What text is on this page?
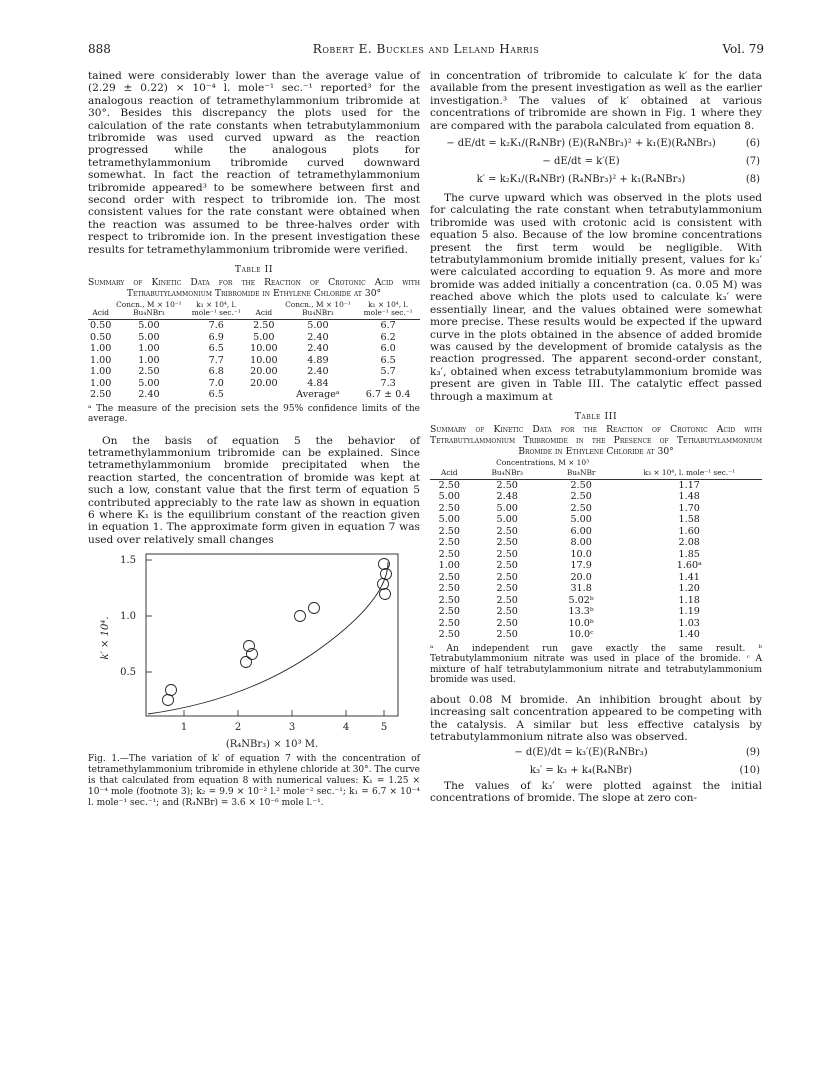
888	Robert E. Buckles and Leland Harris	Vol. 79

tained were considerably lower than the average value of (2.29 ± 0.22) × 10⁻⁴ l. mole⁻¹ sec.⁻¹ reported³ for the analogous reaction of tetramethylammonium tribromide at 30°. Besides this discrepancy the plots used for the calculation of the rate constants when tetrabutylammonium tribromide was used curved upward as the reaction progressed while the analogous plots for tetramethylammonium tribromide curved downward somewhat. In fact the reaction of tetramethylammonium tribromide appeared³ to be somewhere between first and second order with respect to tribromide ion. The most consistent values for the rate constant were obtained when the reaction was assumed to be three-halves order with respect to tribromide ion. In the present investigation these results for tetramethylammonium tribromide were verified.

Table II
Summary of Kinetic Data for the Reaction of Crotonic Acid with Tetrabutylammonium Tribromide in Ethylene Chloride at 30°
Acid	Concn., M × 10⁻¹ Bu₄NBr₃	k₁ × 10⁴, l. mole⁻¹ sec.⁻¹	Acid	Concn., M × 10⁻¹ Bu₄NBr₃	k₁ × 10⁴, l. mole⁻¹ sec.⁻¹
0.50	5.00	7.6	2.50	5.00	6.7
0.50	5.00	6.9	5.00	2.40	6.2
1.00	1.00	6.5	10.00	2.40	6.0
1.00	1.00	7.7	10.00	4.89	6.5
1.00	2.50	6.8	20.00	2.40	5.7
1.00	5.00	7.0	20.00	4.84	7.3
2.50	2.40	6.5		Averageᵃ	6.7 ± 0.4
ᵃ The measure of the precision sets the 95% confidence limits of the average.

On the basis of equation 5 the behavior of tetramethylammonium tribromide can be explained. Since tetramethylammonium bromide precipitated when the reaction started, the concentration of bromide was kept at such a low, constant value that the first term of equation 5 contributed appreciably to the rate law as shown in equation 6 where K₁ is the equilibrium constant of the reaction given in equation 1. The approximate form given in equation 7 was used over relatively small changes

1.5
1.0
0.5
1	2	3	4	5
(R₄NBr₃) × 10³ M.
k′ × 10⁴.
Fig. 1.—The variation of k′ of equation 7 with the concentration of tetramethylammonium tribromide in ethylene chloride at 30°. The curve is that calculated from equation 8 with numerical values: K₁ = 1.25 × 10⁻⁴ mole (footnote 3); k₂ = 9.9 × 10⁻² l.² mole⁻² sec.⁻¹; k₁ = 6.7 × 10⁻⁴ l. mole⁻¹ sec.⁻¹; and (R₄NBr) = 3.6 × 10⁻⁶ mole l.⁻¹.

in concentration of tribromide to calculate k′ for the data available from the present investigation as well as the earlier investigation.³ The values of k′ obtained at various concentrations of tribromide are shown in Fig. 1 where they are compared with the parabola calculated from equation 8.

− dE/dt = k₂K₁/(R₄NBr) (E)(R₄NBr₃)² + k₁(E)(R₄NBr₃)	(6)
− dE/dt = k′(E)	(7)
k′ = k₂K₁/(R₄NBr) (R₄NBr₃)² + k₁(R₄NBr₃)	(8)

The curve upward which was observed in the plots used for calculating the rate constant when tetrabutylammonium tribromide was used with crotonic acid is consistent with equation 5 also. Because of the low bromine concentrations present the first term would be negligible. With tetrabutylammonium bromide initially present, values for k₃′ were calculated according to equation 9. As more and more bromide was added initially a concentration (ca. 0.05 M) was reached above which the plots used to calculate k₃′ were essentially linear, and the values obtained were somewhat more precise. These results would be expected if the upward curve in the plots obtained in the absence of added bromide was caused by the development of bromide catalysis as the reaction progressed. The apparent second-order constant, k₃′, obtained when excess tetrabutylammonium bromide was present are given in Table III. The catalytic effect passed through a maximum at

Table III
Summary of Kinetic Data for the Reaction of Crotonic Acid with Tetrabutylammonium Tribromide in the Presence of Tetrabutylammonium Bromide in Ethylene Chloride at 30°
	Concentrations, M × 10³		
Acid	Bu₄NBr₃	Bu₄NBr	k₃ × 10⁴, l. mole⁻¹ sec.⁻¹
2.50	2.50	2.50	1.17
5.00	2.48	2.50	1.48
2.50	5.00	2.50	1.70
5.00	5.00	5.00	1.58
2.50	2.50	6.00	1.60
2.50	2.50	8.00	2.08
2.50	2.50	10.0	1.85
1.00	2.50	17.9	1.60ᵃ
2.50	2.50	20.0	1.41
2.50	2.50	31.8	1.20
2.50	2.50	5.02ᵇ	1.18
2.50	2.50	13.3ᵇ	1.19
2.50	2.50	10.0ᵇ	1.03
2.50	2.50	10.0ᶜ	1.40
ᵃ An independent run gave exactly the same result. ᵇ Tetrabutylammonium nitrate was used in place of the bromide. ᶜ A mixture of half tetrabutylammonium nitrate and tetrabutylammonium bromide was used.

about 0.08 M bromide. An inhibition brought about by increasing salt concentration appeared to be competing with the catalysis. A similar but less effective catalysis by tetrabutylammonium nitrate also was observed.

− d(E)/dt = k₃′(E)(R₄NBr₃)	(9)
k₃′ = k₃ + k₄(R₄NBr)	(10)

The values of k₃′ were plotted against the initial concentrations of bromide. The slope at zero con-
